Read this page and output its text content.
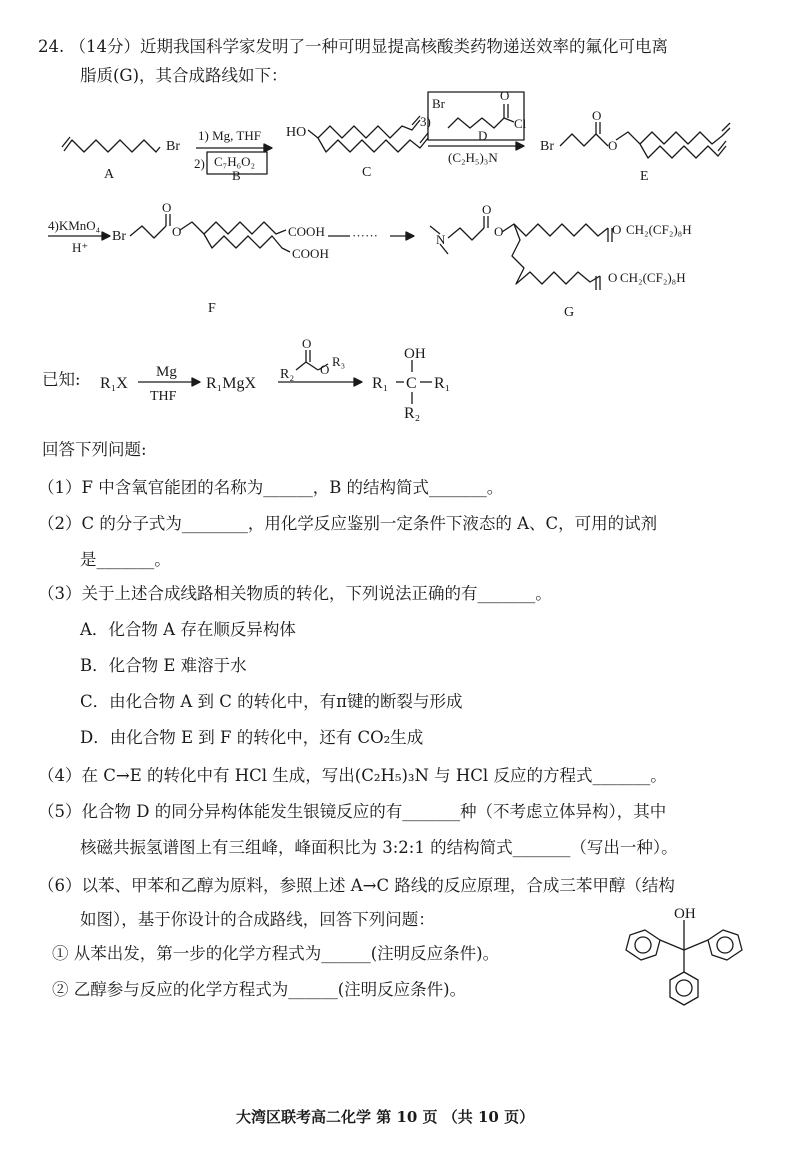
24. （14分）近期我国科学家发明了一种可明显提高核酸类药物递送效率的氟化可电离
脂质(G)，其合成路线如下：
Br
A
1) Mg, THF
2) C₇H₆O₂
B
HO
C
3)
Br
O
Cl
D
(C₂H₅)₃N
Br
O
O
E
4)KMnO₄
H⁺
Br
O
O	COOH
COOH
F
······	N
O
O	O CH₂(CF₂)₈H
O CH₂(CF₂)₈H
G
R₁X
Mg
THF
R₁MgX
R₂
O
O
R₃	OH
R₁ C R₁
R₂
OH
已知:
回答下列问题:
（1）F 中含氧官能团的名称为______，B 的结构简式_______。
（2）C 的分子式为________，用化学反应鉴别一定条件下液态的 A、C，可用的试剂
是_______。
（3）关于上述合成线路相关物质的转化，下列说法正确的有_______。
A．化合物 A 存在顺反异构体
B．化合物 E 难溶于水
C．由化合物 A 到 C 的转化中，有π键的断裂与形成
D．由化合物 E 到 F 的转化中，还有 CO₂生成
（4）在 C→E 的转化中有 HCl 生成，写出(C₂H₅)₃N 与 HCl 反应的方程式_______。
（5）化合物 D 的同分异构体能发生银镜反应的有_______种（不考虑立体异构），其中
核磁共振氢谱图上有三组峰，峰面积比为 3:2:1 的结构简式_______（写出一种）。
（6）以苯、甲苯和乙醇为原料，参照上述 A→C 路线的反应原理，合成三苯甲醇（结构
如图），基于你设计的合成路线，回答下列问题：
① 从苯出发，第一步的化学方程式为______(注明反应条件)。
② 乙醇参与反应的化学方程式为______(注明反应条件)。
大湾区联考高二化学 第 10 页 （共 10 页）
